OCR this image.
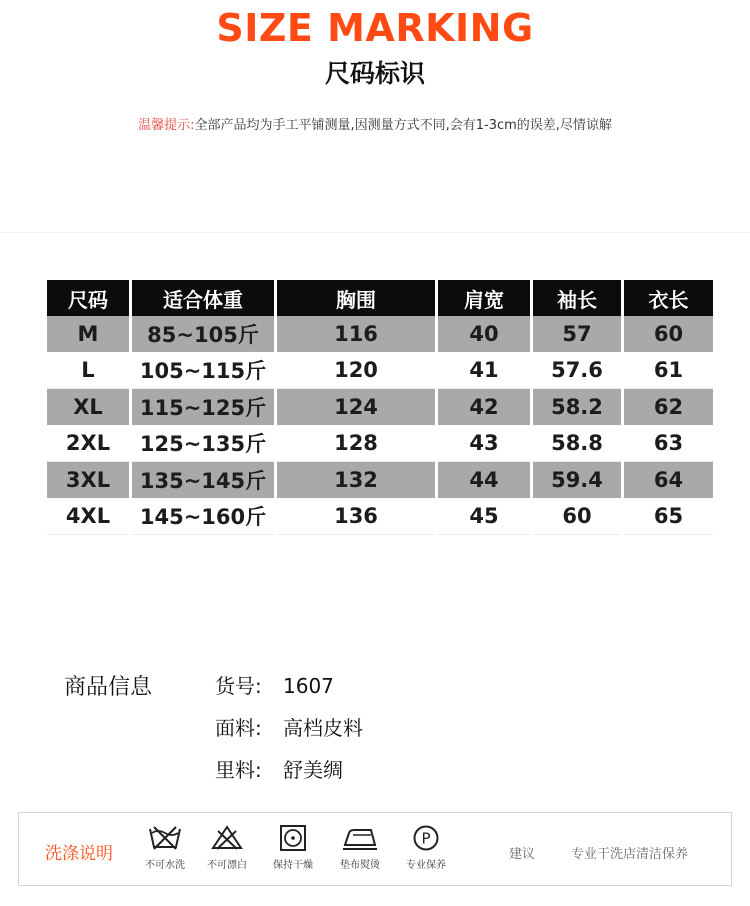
SIZE MARKING
尺码标识
温馨提示:全部产品均为手工平铺测量,因测量方式不同,会有1-3cm的误差,尽情谅解
尺码	适合体重	胸围	肩宽	袖长	衣长
M	85~105斤	116	40	57	60
L	105~115斤	120	41	57.6	61
XL	115~125斤	124	42	58.2	62
2XL	125~135斤	128	43	58.8	63
3XL	135~145斤	132	44	59.4	64
4XL	145~160斤	136	45	60	65
商品信息	货号: 1607
面料: 高档皮料
里料: 舒美绸
洗涤说明
不可水洗	不可漂白	保持干燥	垫布熨烫
P
专业保养
建议	专业干洗店清洁保养
